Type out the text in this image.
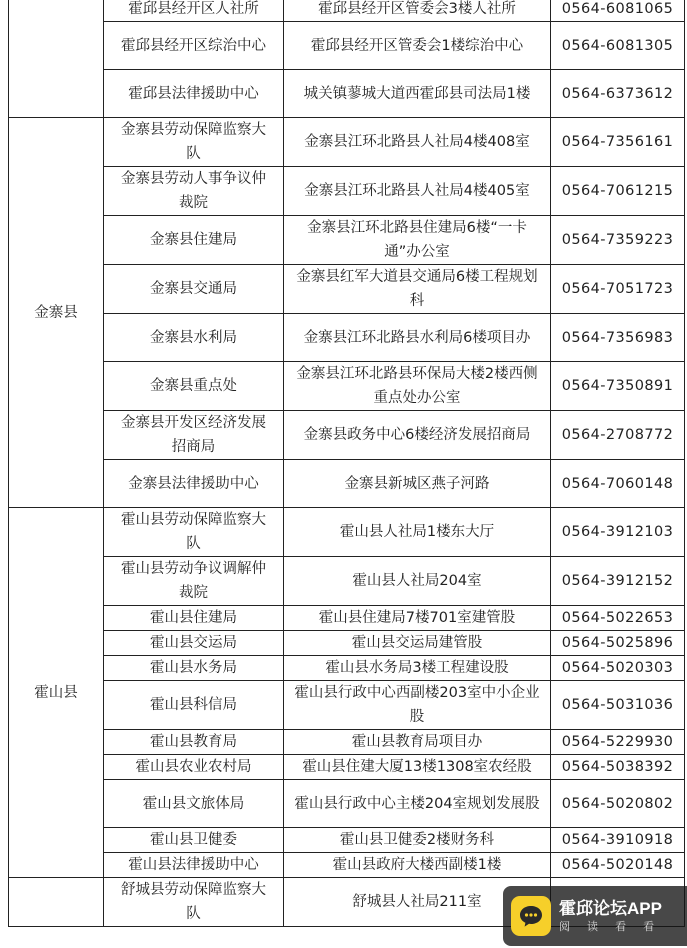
	霍邱县经开区人社所	霍邱县经开区管委会3楼人社所	0564-6081065
	霍邱县经开区综治中心	霍邱县经开区管委会1楼综治中心	0564-6081305
	霍邱县法律援助中心	城关镇蓼城大道西霍邱县司法局1楼	0564-6373612
金寨县	金寨县劳动保障监察大队	金寨县江环北路县人社局4楼408室	0564-7356161
	金寨县劳动人事争议仲裁院	金寨县江环北路县人社局4楼405室	0564-7061215
	金寨县住建局	金寨县江环北路县住建局6楼“一卡通”办公室	0564-7359223
	金寨县交通局	金寨县红军大道县交通局6楼工程规划科	0564-7051723
	金寨县水利局	金寨县江环北路县水利局6楼项目办	0564-7356983
	金寨县重点处	金寨县江环北路县环保局大楼2楼西侧重点处办公室	0564-7350891
	金寨县开发区经济发展招商局	金寨县政务中心6楼经济发展招商局	0564-2708772
	金寨县法律援助中心	金寨县新城区燕子河路	0564-7060148
霍山县	霍山县劳动保障监察大队	霍山县人社局1楼东大厅	0564-3912103
	霍山县劳动争议调解仲裁院	霍山县人社局204室	0564-3912152
	霍山县住建局	霍山县住建局7楼701室建管股	0564-5022653
	霍山县交运局	霍山县交运局建管股	0564-5025896
	霍山县水务局	霍山县水务局3楼工程建设股	0564-5020303
	霍山县科信局	霍山县行政中心西副楼203室中小企业股	0564-5031036
	霍山县教育局	霍山县教育局项目办	0564-5229930
	霍山县农业农村局	霍山县住建大厦13楼1308室农经股	0564-5038392
	霍山县文旅体局	霍山县行政中心主楼204室规划发展股	0564-5020802
	霍山县卫健委	霍山县卫健委2楼财务科	0564-3910918
	霍山县法律援助中心	霍山县政府大楼西副楼1楼	0564-5020148
	舒城县劳动保障监察大队	舒城县人社局211室		霍邱论坛APP
阅 读 看 看
